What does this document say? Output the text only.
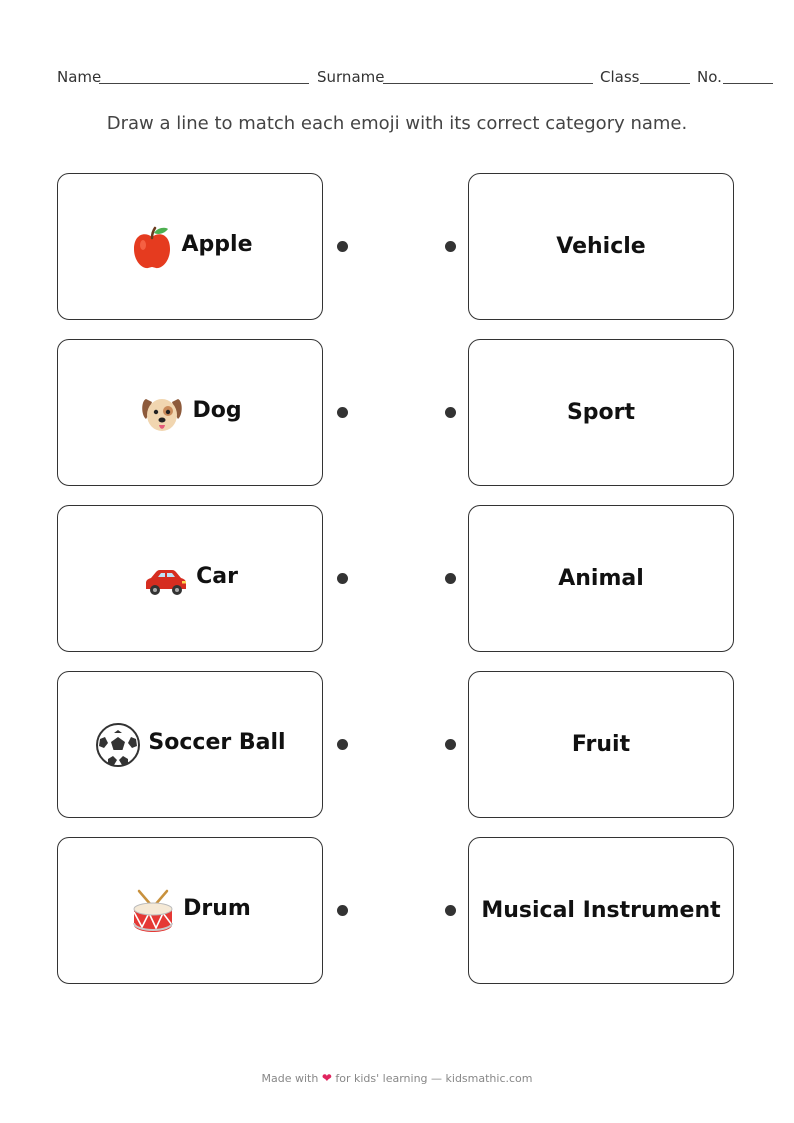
Name	Surname	Class	No.
Draw a line to match each emoji with its correct category name.
Apple
Dog
Car
Soccer Ball
Drum
Vehicle
Sport
Animal
Fruit
Musical Instrument
Made with ❤ for kids' learning — kidsmathic.com
